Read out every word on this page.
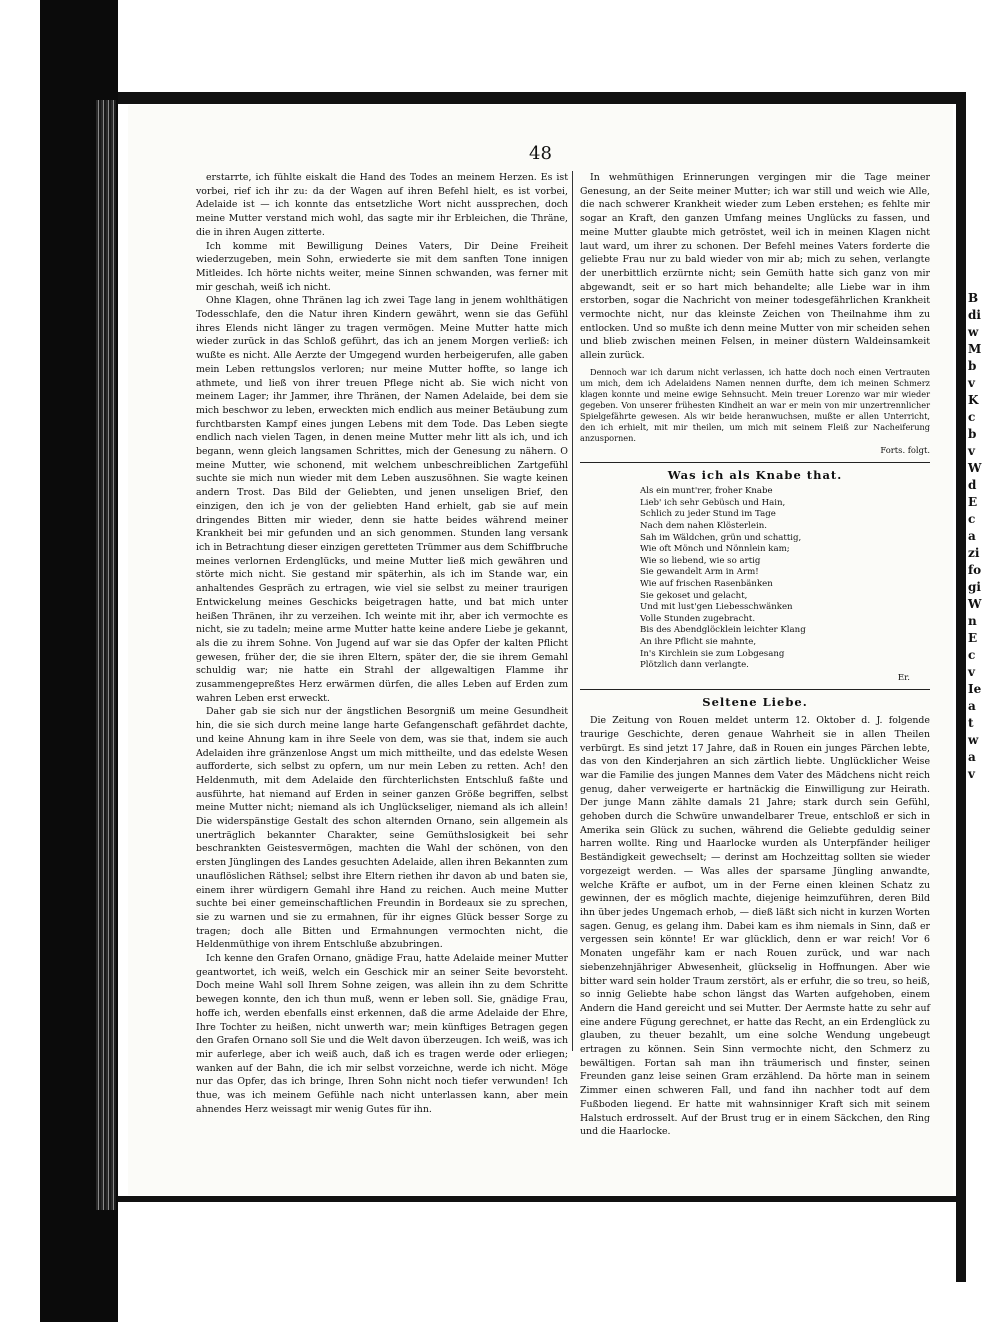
48

erstarrte, ich fühlte eiskalt die Hand des Todes an meinem Herzen. Es ist vorbei, rief ich ihr zu: da der Wagen auf ihren Befehl hielt, es ist vorbei, Adelaide ist — ich konnte das entsetzliche Wort nicht aussprechen, doch meine Mutter verstand mich wohl, das sagte mir ihr Erbleichen, die Thräne, die in ihren Augen zitterte.

Ich komme mit Bewilligung Deines Vaters, Dir Deine Freiheit wiederzugeben, mein Sohn, erwiederte sie mit dem sanften Tone innigen Mitleides. Ich hörte nichts weiter, meine Sinnen schwanden, was ferner mit mir geschah, weiß ich nicht.

Ohne Klagen, ohne Thränen lag ich zwei Tage lang in jenem wohlthätigen Todesschlafe, den die Natur ihren Kindern gewährt, wenn sie das Gefühl ihres Elends nicht länger zu tragen vermögen. Meine Mutter hatte mich wieder zurück in das Schloß geführt, das ich an jenem Morgen verließ: ich wußte es nicht. Alle Aerzte der Umgegend wurden herbeigerufen, alle gaben mein Leben rettungslos verloren; nur meine Mutter hoffte, so lange ich athmete, und ließ von ihrer treuen Pflege nicht ab. Sie wich nicht von meinem Lager; ihr Jammer, ihre Thränen, der Namen Adelaide, bei dem sie mich beschwor zu leben, erweckten mich endlich aus meiner Betäubung zum furchtbarsten Kampf eines jungen Lebens mit dem Tode. Das Leben siegte endlich nach vielen Tagen, in denen meine Mutter mehr litt als ich, und ich begann, wenn gleich langsamen Schrittes, mich der Genesung zu nähern. O meine Mutter, wie schonend, mit welchem unbeschreiblichen Zartgefühl suchte sie mich nun wieder mit dem Leben auszusöhnen. Sie wagte keinen andern Trost. Das Bild der Geliebten, und jenen unseligen Brief, den einzigen, den ich je von der geliebten Hand erhielt, gab sie auf mein dringendes Bitten mir wieder, denn sie hatte beides während meiner Krankheit bei mir gefunden und an sich genommen. Stunden lang versank ich in Betrachtung dieser einzigen geretteten Trümmer aus dem Schiffbruche meines verlornen Erdenglücks, und meine Mutter ließ mich gewähren und störte mich nicht. Sie gestand mir späterhin, als ich im Stande war, ein anhaltendes Gespräch zu ertragen, wie viel sie selbst zu meiner traurigen Entwickelung meines Geschicks beigetragen hatte, und bat mich unter heißen Thränen, ihr zu verzeihen. Ich weinte mit ihr, aber ich vermochte es nicht, sie zu tadeln; meine arme Mutter hatte keine andere Liebe je gekannt, als die zu ihrem Sohne. Von Jugend auf war sie das Opfer der kalten Pflicht gewesen, früher der, die sie ihren Eltern, später der, die sie ihrem Gemahl schuldig war; nie hatte ein Strahl der allgewaltigen Flamme ihr zusammengepreßtes Herz erwärmen dürfen, die alles Leben auf Erden zum wahren Leben erst erweckt.

Daher gab sie sich nur der ängstlichen Besorgniß um meine Gesundheit hin, die sie sich durch meine lange harte Gefangenschaft gefährdet dachte, und keine Ahnung kam in ihre Seele von dem, was sie that, indem sie auch Adelaiden ihre gränzenlose Angst um mich mittheilte, und das edelste Wesen aufforderte, sich selbst zu opfern, um nur mein Leben zu retten. Ach! den Heldenmuth, mit dem Adelaide den fürchterlichsten Entschluß faßte und ausführte, hat niemand auf Erden in seiner ganzen Größe begriffen, selbst meine Mutter nicht; niemand als ich Unglückseliger, niemand als ich allein! Die widerspänstige Gestalt des schon alternden Ornano, sein allgemein als unerträglich bekannter Charakter, seine Gemüthslosigkeit bei sehr beschrankten Geistesvermögen, machten die Wahl der schönen, von den ersten Jünglingen des Landes gesuchten Adelaide, allen ihren Bekannten zum unauflöslichen Räthsel; selbst ihre Eltern riethen ihr davon ab und baten sie, einem ihrer würdigern Gemahl ihre Hand zu reichen. Auch meine Mutter suchte bei einer gemeinschaftlichen Freundin in Bordeaux sie zu sprechen, sie zu warnen und sie zu ermahnen, für ihr eignes Glück besser Sorge zu tragen; doch alle Bitten und Ermahnungen vermochten nicht, die Heldenmüthige von ihrem Entschluße abzubringen.

Ich kenne den Grafen Ornano, gnädige Frau, hatte Adelaide meiner Mutter geantwortet, ich weiß, welch ein Geschick mir an seiner Seite bevorsteht. Doch meine Wahl soll Ihrem Sohne zeigen, was allein ihn zu dem Schritte bewegen konnte, den ich thun muß, wenn er leben soll. Sie, gnädige Frau, hoffe ich, werden ebenfalls einst erkennen, daß die arme Adelaide der Ehre, Ihre Tochter zu heißen, nicht unwerth war; mein künftiges Betragen gegen den Grafen Ornano soll Sie und die Welt davon überzeugen. Ich weiß, was ich mir auferlege, aber ich weiß auch, daß ich es tragen werde oder erliegen; wanken auf der Bahn, die ich mir selbst vorzeichne, werde ich nicht. Möge nur das Opfer, das ich bringe, Ihren Sohn nicht noch tiefer verwunden! Ich thue, was ich meinem Gefühle nach nicht unterlassen kann, aber mein ahnendes Herz weissagt mir wenig Gutes für ihn.

In wehmüthigen Erinnerungen vergingen mir die Tage meiner Genesung, an der Seite meiner Mutter; ich war still und weich wie Alle, die nach schwerer Krankheit wieder zum Leben erstehen; es fehlte mir sogar an Kraft, den ganzen Umfang meines Unglücks zu fassen, und meine Mutter glaubte mich getröstet, weil ich in meinen Klagen nicht laut ward, um ihrer zu schonen. Der Befehl meines Vaters forderte die geliebte Frau nur zu bald wieder von mir ab; mich zu sehen, verlangte der unerbittlich erzürnte nicht; sein Gemüth hatte sich ganz von mir abgewandt, seit er so hart mich behandelte; alle Liebe war in ihm erstorben, sogar die Nachricht von meiner todesgefährlichen Krankheit vermochte nicht, nur das kleinste Zeichen von Theilnahme ihm zu entlocken. Und so mußte ich denn meine Mutter von mir scheiden sehen und blieb zwischen meinen Felsen, in meiner düstern Waldeinsamkeit allein zurück.

Dennoch war ich darum nicht verlassen, ich hatte doch noch einen Vertrauten um mich, dem ich Adelaidens Namen nennen durfte, dem ich meinen Schmerz klagen konnte und meine ewige Sehnsucht. Mein treuer Lorenzo war mir wieder gegeben. Von unserer frühesten Kindheit an war er mein von mir unzertrennlicher Spielgefährte gewesen. Als wir beide heranwuchsen, mußte er allen Unterricht, den ich erhielt, mit mir theilen, um mich mit seinem Fleiß zur Nacheiferung anzuspornen.

Forts. folgt.
Was ich als Knabe that.
Als ein munt'rer, froher Knabe
Lieb' ich sehr Gebüsch und Hain,
Schlich zu jeder Stund im Tage
Nach dem nahen Klösterlein.
Sah im Wäldchen, grün und schattig,
Wie oft Mönch und Nönnlein kam;
Wie so liebend, wie so artig
Sie gewandelt Arm in Arm!
Wie auf frischen Rasenbänken
Sie gekoset und gelacht,
Und mit lust'gen Liebesschwänken
Volle Stunden zugebracht.
Bis des Abendglöcklein leichter Klang
An ihre Pflicht sie mahnte,
In's Kirchlein sie zum Lobgesang
Plötzlich dann verlangte.
Er.
Seltene Liebe.

Die Zeitung von Rouen meldet unterm 12. Oktober d. J. folgende traurige Geschichte, deren genaue Wahrheit sie in allen Theilen verbürgt. Es sind jetzt 17 Jahre, daß in Rouen ein junges Pärchen lebte, das von den Kinderjahren an sich zärtlich liebte. Unglücklicher Weise war die Familie des jungen Mannes dem Vater des Mädchens nicht reich genug, daher verweigerte er hartnäckig die Einwilligung zur Heirath. Der junge Mann zählte damals 21 Jahre; stark durch sein Gefühl, gehoben durch die Schwüre unwandelbarer Treue, entschloß er sich in Amerika sein Glück zu suchen, während die Geliebte geduldig seiner harren wollte. Ring und Haarlocke wurden als Unterpfänder heiliger Beständigkeit gewechselt; — derinst am Hochzeittag sollten sie wieder vorgezeigt werden. — Was alles der sparsame Jüngling anwandte, welche Kräfte er aufbot, um in der Ferne einen kleinen Schatz zu gewinnen, der es möglich machte, diejenige heimzuführen, deren Bild ihn über jedes Ungemach erhob, — dieß läßt sich nicht in kurzen Worten sagen. Genug, es gelang ihm. Dabei kam es ihm niemals in Sinn, daß er vergessen sein könnte! Er war glücklich, denn er war reich! Vor 6 Monaten ungefähr kam er nach Rouen zurück, und war nach siebenzehnjähriger Abwesenheit, glückselig in Hoffnungen. Aber wie bitter ward sein holder Traum zerstört, als er erfuhr, die so treu, so heiß, so innig Geliebte habe schon längst das Warten aufgehoben, einem Andern die Hand gereicht und sei Mutter. Der Aermste hatte zu sehr auf eine andere Fügung gerechnet, er hatte das Recht, an ein Erdenglück zu glauben, zu theuer bezahlt, um eine solche Wendung ungebeugt ertragen zu können. Sein Sinn vermochte nicht, den Schmerz zu bewältigen. Fortan sah man ihn träumerisch und finster, seinen Freunden ganz leise seinen Gram erzählend. Da hörte man in seinem Zimmer einen schweren Fall, und fand ihn nachher todt auf dem Fußboden liegend. Er hatte mit wahnsinniger Kraft sich mit seinem Halstuch erdrosselt. Auf der Brust trug er in einem Säckchen, den Ring und die Haarlocke.

B
di
w
M
b
v
K
c
b
v
W
d
E
c
a
zi
fo
gi
W
n
E
c
v
Ie
a
t
w
a
v
